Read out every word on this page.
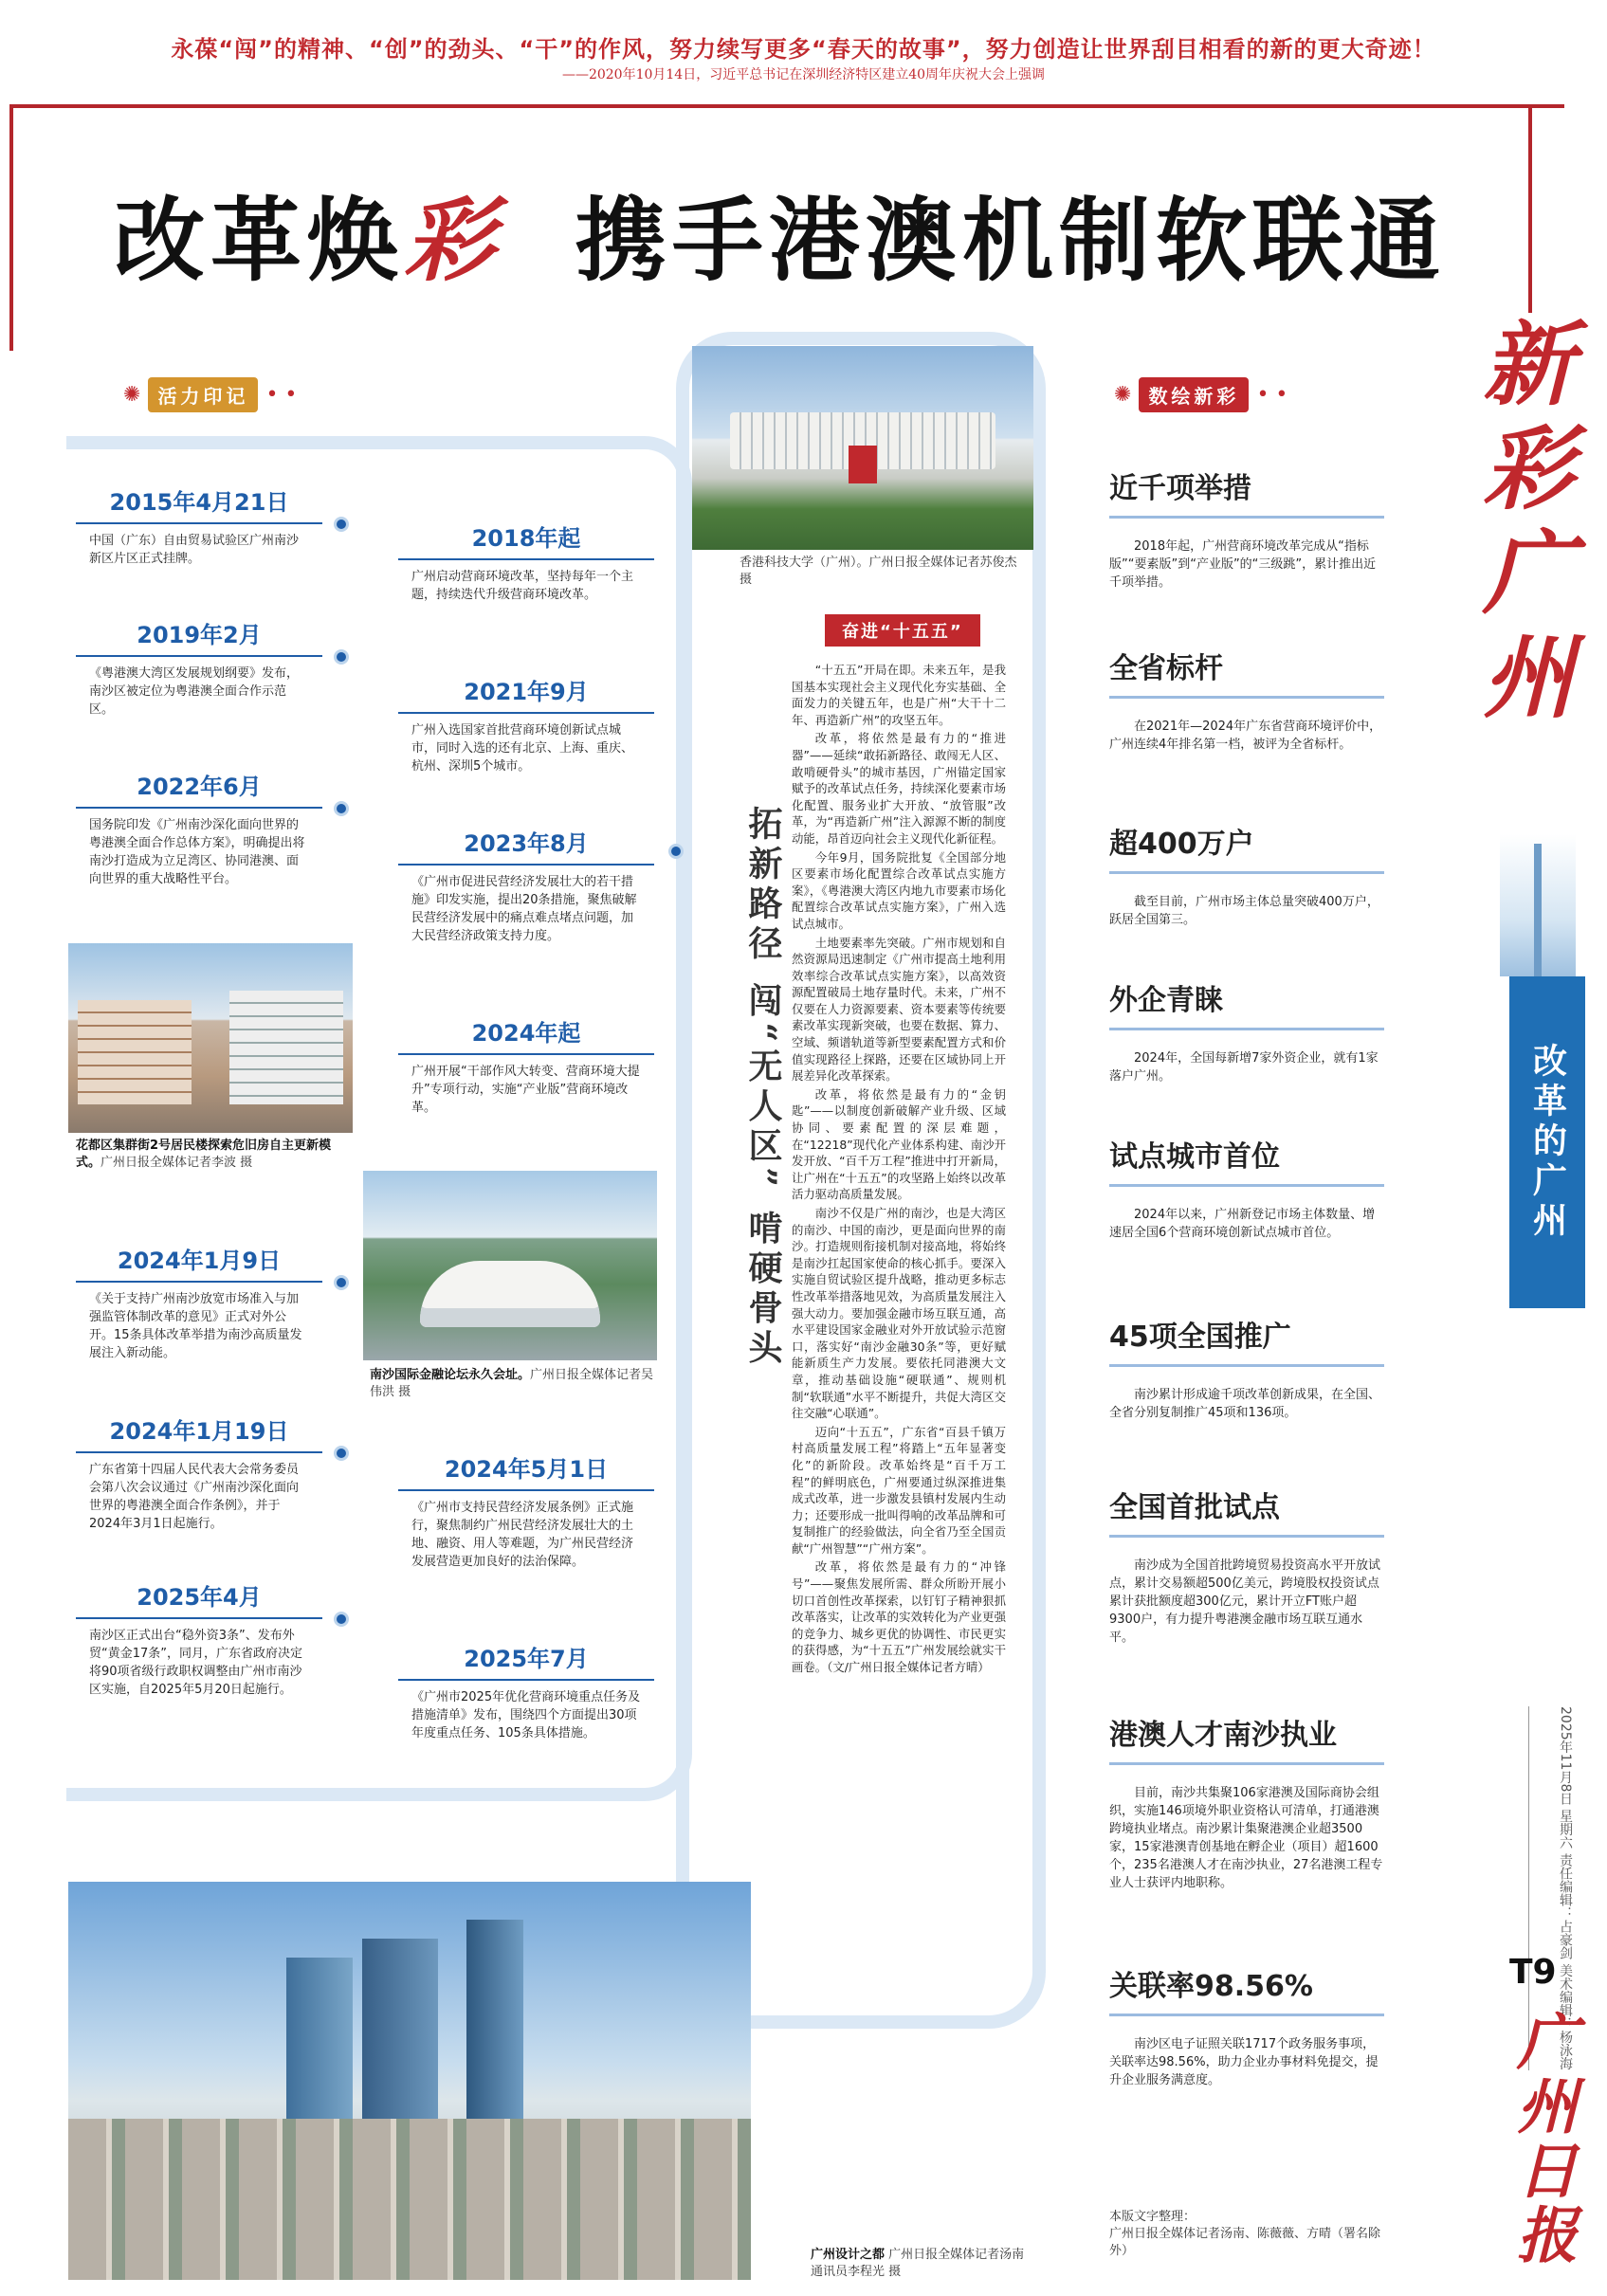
永葆“闯”的精神、“创”的劲头、“干”的作风，努力续写更多“春天的故事”，努力创造让世界刮目相看的新的更大奇迹！
——2020年10月14日，习近平总书记在深圳经济特区建立40周年庆祝大会上强调
改革焕彩 携手港澳机制软联通
✺ 活力印记 • •	✺ 数绘新彩 • •
2015年4月21日
中国（广东）自由贸易试验区广州南沙新区片区正式挂牌。
2019年2月
《粤港澳大湾区发展规划纲要》发布，南沙区被定位为粤港澳全面合作示范区。
2022年6月
国务院印发《广州南沙深化面向世界的粤港澳全面合作总体方案》，明确提出将南沙打造成为立足湾区、协同港澳、面向世界的重大战略性平台。
2024年1月9日
《关于支持广州南沙放宽市场准入与加强监管体制改革的意见》正式对外公开。15条具体改革举措为南沙高质量发展注入新动能。
2024年1月19日
广东省第十四届人民代表大会常务委员会第八次会议通过《广州南沙深化面向世界的粤港澳全面合作条例》，并于2024年3月1日起施行。
2025年4月
南沙区正式出台“稳外资3条”、发布外贸“黄金17条”，同月，广东省政府决定将90项省级行政职权调整由广州市南沙区实施，自2025年5月20日起施行。
2018年起
广州启动营商环境改革，坚持每年一个主题，持续迭代升级营商环境改革。
2021年9月
广州入选国家首批营商环境创新试点城市，同时入选的还有北京、上海、重庆、杭州、深圳5个城市。
2023年8月
《广州市促进民营经济发展壮大的若干措施》印发实施，提出20条措施，聚焦破解民营经济发展中的痛点难点堵点问题，加大民营经济政策支持力度。
2024年起
广州开展“干部作风大转变、营商环境大提升”专项行动，实施“产业版”营商环境改革。
2024年5月1日
《广州市支持民营经济发展条例》正式施行，聚焦制约广州民营经济发展壮大的土地、融资、用人等难题，为广州民营经济发展营造更加良好的法治保障。
2025年7月
《广州市2025年优化营商环境重点任务及措施清单》发布，围绕四个方面提出30项年度重点任务、105条具体措施。
香港科技大学（广州）。广州日报全媒体记者苏俊杰 摄
花都区集群街2号居民楼探索危旧房自主更新模式。广州日报全媒体记者李波 摄
南沙国际金融论坛永久会址。广州日报全媒体记者吴伟洪 摄
广州设计之都 广州日报全媒体记者汤南 通讯员李程光 摄
奋进“十五五”
拓新路径 闯“无人区” 啃硬骨头

“十五五”开局在即。未来五年，是我国基本实现社会主义现代化夯实基础、全面发力的关键五年，也是广州“大干十二年、再造新广州”的攻坚五年。

改革，将依然是最有力的“推进器”——延续“敢拓新路径、敢闯无人区、敢啃硬骨头”的城市基因，广州锚定国家赋予的改革试点任务，持续深化要素市场化配置、服务业扩大开放、“放管服”改革，为“再造新广州”注入源源不断的制度动能，昂首迈向社会主义现代化新征程。

今年9月，国务院批复《全国部分地区要素市场化配置综合改革试点实施方案》，《粤港澳大湾区内地九市要素市场化配置综合改革试点实施方案》，广州入选试点城市。

土地要素率先突破。广州市规划和自然资源局迅速制定《广州市提高土地利用效率综合改革试点实施方案》，以高效资源配置破局土地存量时代。未来，广州不仅要在人力资源要素、资本要素等传统要素改革实现新突破，也要在数据、算力、空域、频谱轨道等新型要素配置方式和价值实现路径上探路，还要在区域协同上开展差异化改革探索。

改革，将依然是最有力的“金钥匙”——以制度创新破解产业升级、区域协同、要素配置的深层难题，在“12218”现代化产业体系构建、南沙开发开放、“百千万工程”推进中打开新局，让广州在“十五五”的攻坚路上始终以改革活力驱动高质量发展。

南沙不仅是广州的南沙，也是大湾区的南沙、中国的南沙，更是面向世界的南沙。打造规则衔接机制对接高地，将始终是南沙扛起国家使命的核心抓手。要深入实施自贸试验区提升战略，推动更多标志性改革举措落地见效，为高质量发展注入强大动力。要加强金融市场互联互通，高水平建设国家金融业对外开放试验示范窗口，落实好“南沙金融30条”等，更好赋能新质生产力发展。要依托同港澳大文章，推动基础设施“硬联通”、规则机制“软联通”水平不断提升，共促大湾区交往交融“心联通”。

迈向“十五五”，广东省“百县千镇万村高质量发展工程”将踏上“五年显著变化”的新阶段。改革始终是“百千万工程”的鲜明底色，广州要通过纵深推进集成式改革，进一步激发县镇村发展内生动力；还要形成一批叫得响的改革品牌和可复制推广的经验做法，向全省乃至全国贡献“广州智慧”“广州方案”。

改革，将依然是最有力的“冲锋号”——聚焦发展所需、群众所盼开展小切口首创性改革探索，以钉钉子精神狠抓改革落实，让改革的实效转化为产业更强的竞争力、城乡更优的协调性、市民更实的获得感，为“十五五”广州发展绘就实干画卷。（文/广州日报全媒体记者方晴）

近千项举措
2018年起，广州营商环境改革完成从“指标版”“要素版”到“产业版”的“三级跳”，累计推出近千项举措。
全省标杆
在2021年—2024年广东省营商环境评价中，广州连续4年排名第一档，被评为全省标杆。
超400万户
截至目前，广州市场主体总量突破400万户，跃居全国第三。
外企青睐
2024年，全国每新增7家外资企业，就有1家落户广州。
试点城市首位
2024年以来，广州新登记市场主体数量、增速居全国6个营商环境创新试点城市首位。
45项全国推广
南沙累计形成逾千项改革创新成果，在全国、全省分别复制推广45项和136项。
全国首批试点
南沙成为全国首批跨境贸易投资高水平开放试点，累计交易额超500亿美元，跨境股权投资试点累计获批额度超300亿元，累计开立FT账户超9300户，有力提升粤港澳金融市场互联互通水平。
港澳人才南沙执业
目前，南沙共集聚106家港澳及国际商协会组织，实施146项境外职业资格认可清单，打通港澳跨境执业堵点。南沙累计集聚港澳企业超3500家，15家港澳青创基地在孵企业（项目）超1600个，235名港澳人才在南沙执业，27名港澳工程专业人士获评内地职称。
关联率98.56%
南沙区电子证照关联1717个政务服务事项，关联率达98.56%，助力企业办事材料免提交，提升企业服务满意度。
本版文字整理：
广州日报全媒体记者汤南、陈薇薇、方晴（署名除外）
新彩广州
改革的广州
2025年11月8日 星期六 责任编辑：占豪剑 美术编辑：杨泳海
T9
广州日报
